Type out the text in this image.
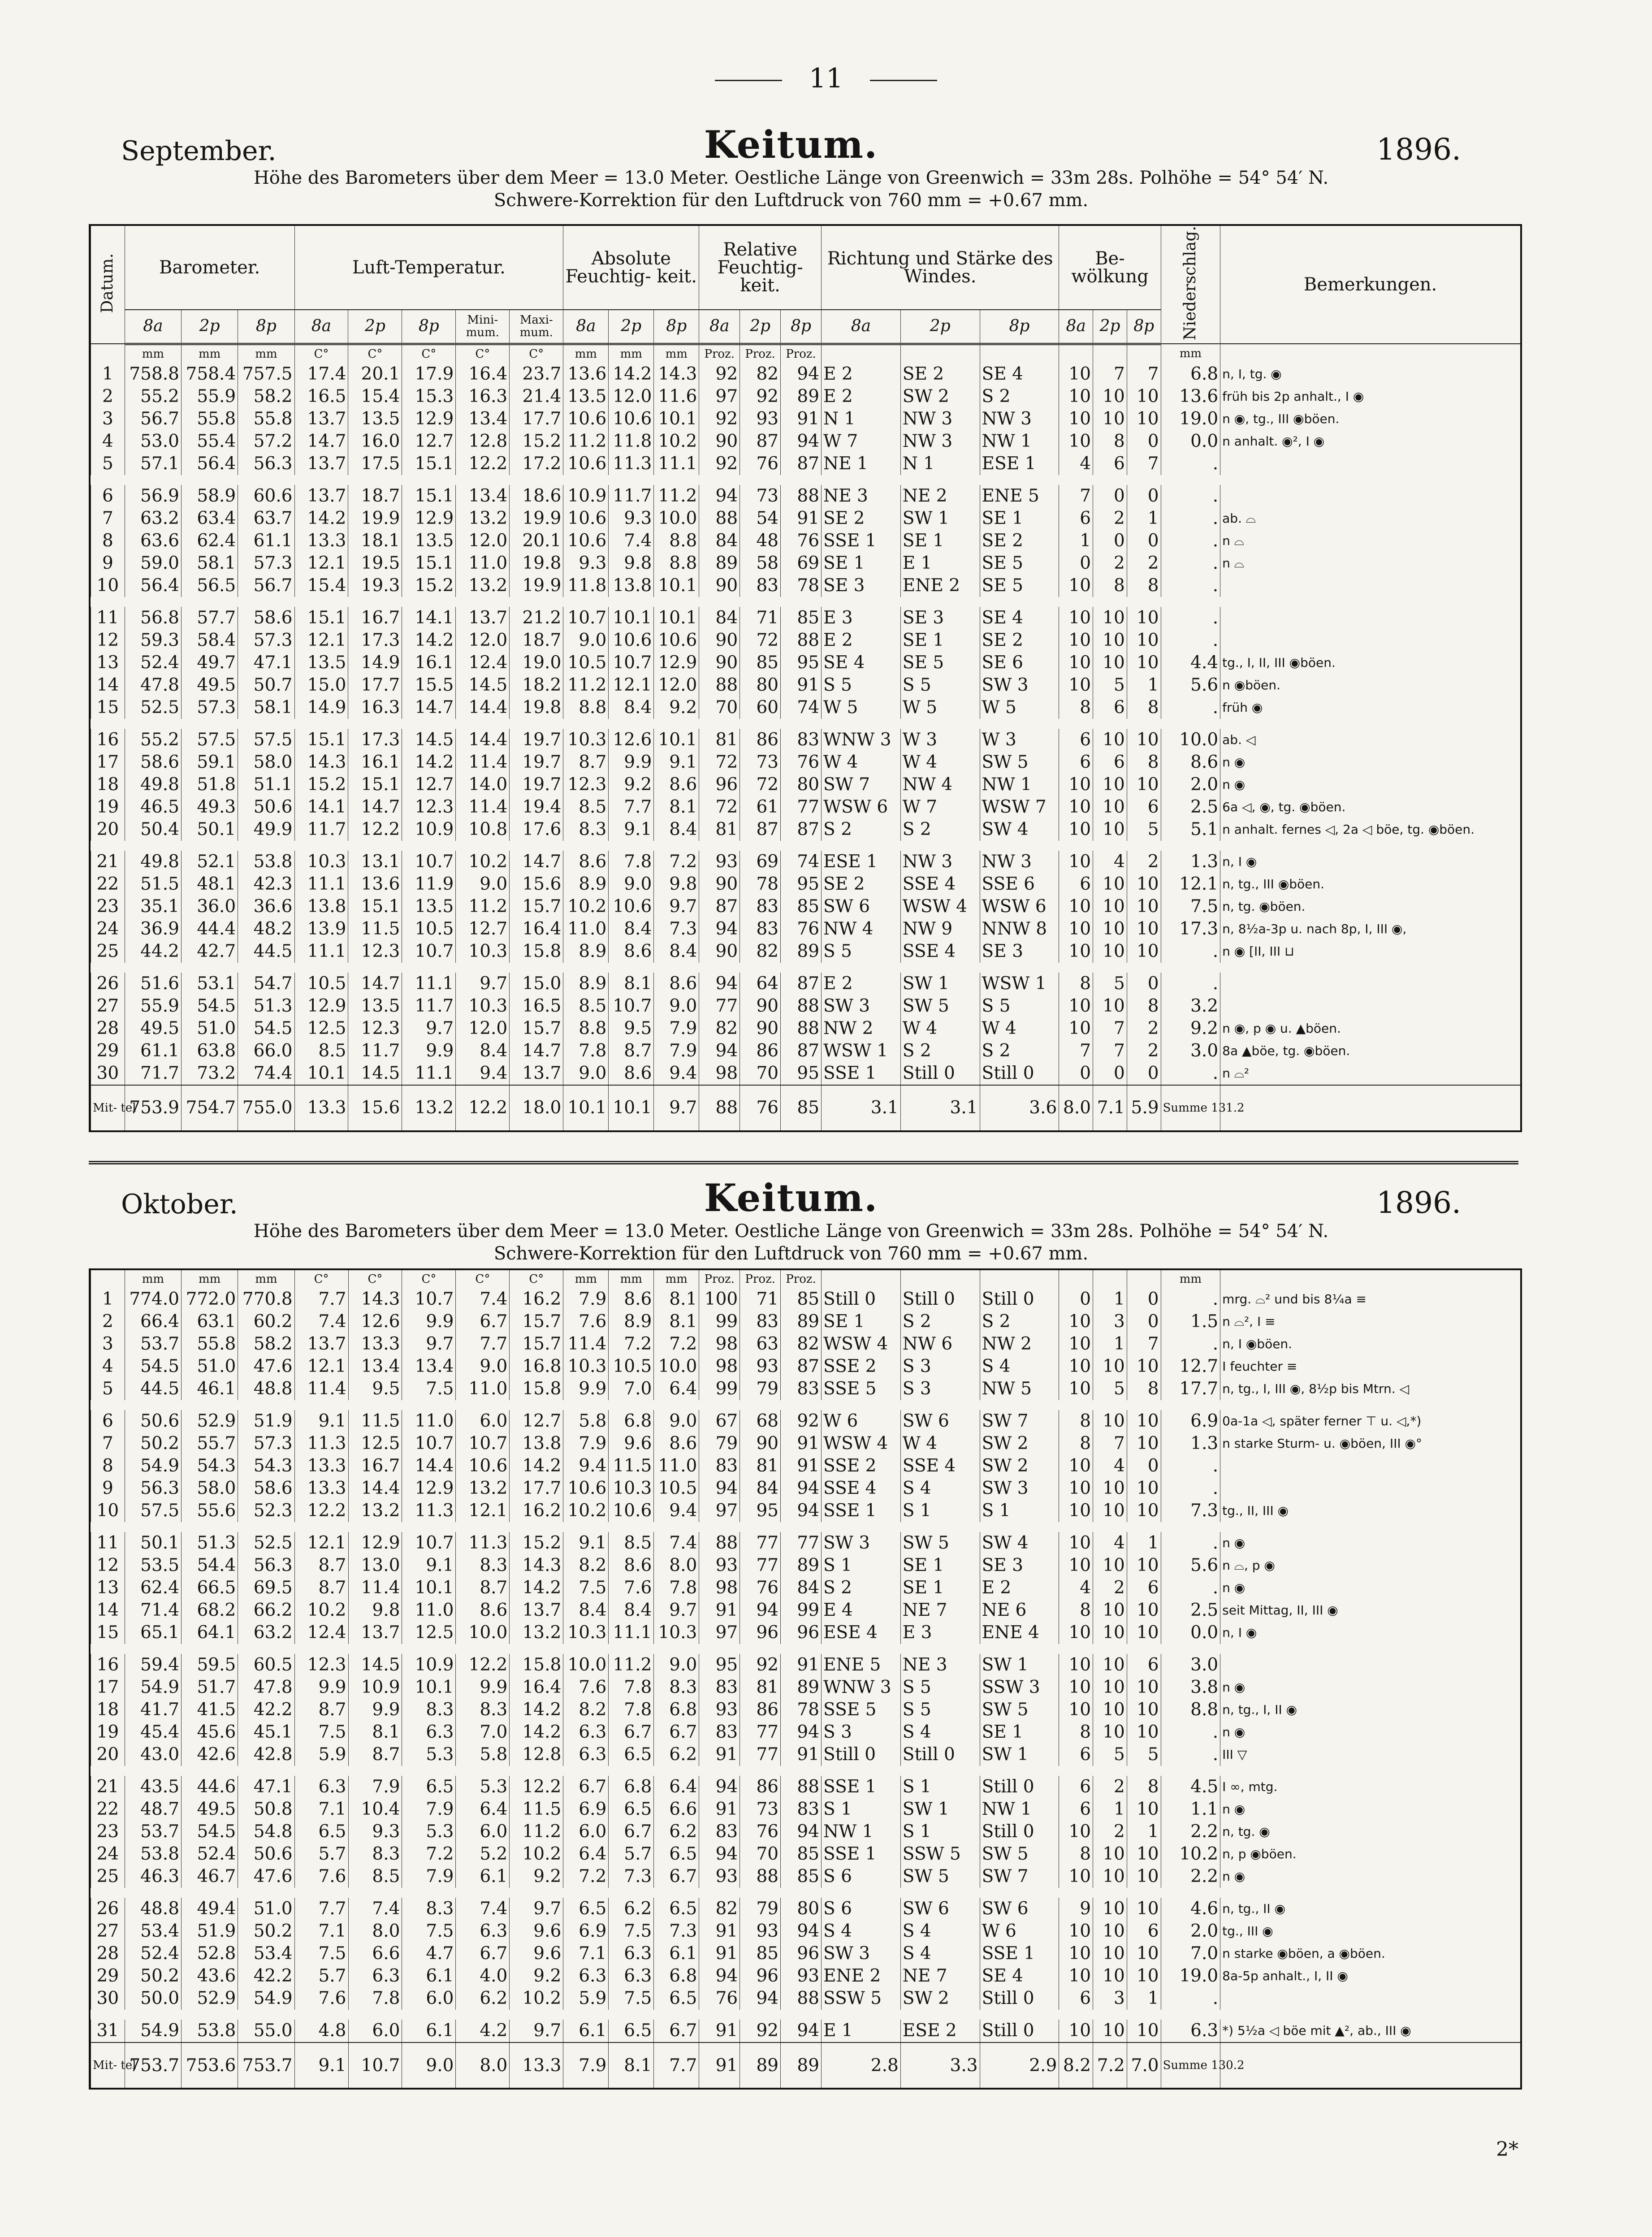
11
September.	Keitum.	1896.
Höhe des Barometers über dem Meer = 13.0 Meter. Oestliche Länge von Greenwich = 33m 28s. Polhöhe = 54° 54′ N.
Schwere-Korrektion für den Luftdruck von 760 mm = +0.67 mm.
Datum.	Barometer.			Luft-Temperatur.					Absolute Feuchtig- keit.			Relative Feuchtig- keit.			Richtung und Stärke des Windes.			Be- wölkung			Niederschlag.	Bemerkungen.
	8a	2p	8p	8a	2p	8p	Mini- mum.	Maxi- mum.	8a	2p	8p	8a	2p	8p	8a	2p	8p	8a	2p	8p		
	mm	mm	mm	C°	C°	C°	C°	C°	mm	mm	mm	Proz.	Proz.	Proz.							mm	
1	758.8	758.4	757.5	17.4	20.1	17.9	16.4	23.7	13.6	14.2	14.3	92	82	94	E 2	SE 2	SE 4	10	7	7	6.8	n, I, tg. ◉
2	55.2	55.9	58.2	16.5	15.4	15.3	16.3	21.4	13.5	12.0	11.6	97	92	89	E 2	SW 2	S 2	10	10	10	13.6	früh bis 2p anhalt., I ◉
3	56.7	55.8	55.8	13.7	13.5	12.9	13.4	17.7	10.6	10.6	10.1	92	93	91	N 1	NW 3	NW 3	10	10	10	19.0	n ◉, tg., III ◉böen.
4	53.0	55.4	57.2	14.7	16.0	12.7	12.8	15.2	11.2	11.8	10.2	90	87	94	W 7	NW 3	NW 1	10	8	0	0.0	n anhalt. ◉², I ◉
5	57.1	56.4	56.3	13.7	17.5	15.1	12.2	17.2	10.6	11.3	11.1	92	76	87	NE 1	N 1	ESE 1	4	6	7	.	
6	56.9	58.9	60.6	13.7	18.7	15.1	13.4	18.6	10.9	11.7	11.2	94	73	88	NE 3	NE 2	ENE 5	7	0	0	.	
7	63.2	63.4	63.7	14.2	19.9	12.9	13.2	19.9	10.6	9.3	10.0	88	54	91	SE 2	SW 1	SE 1	6	2	1	.	ab. ⌓
8	63.6	62.4	61.1	13.3	18.1	13.5	12.0	20.1	10.6	7.4	8.8	84	48	76	SSE 1	SE 1	SE 2	1	0	0	.	n ⌓
9	59.0	58.1	57.3	12.1	19.5	15.1	11.0	19.8	9.3	9.8	8.8	89	58	69	SE 1	E 1	SE 5	0	2	2	.	n ⌓
10	56.4	56.5	56.7	15.4	19.3	15.2	13.2	19.9	11.8	13.8	10.1	90	83	78	SE 3	ENE 2	SE 5	10	8	8	.	
11	56.8	57.7	58.6	15.1	16.7	14.1	13.7	21.2	10.7	10.1	10.1	84	71	85	E 3	SE 3	SE 4	10	10	10	.	
12	59.3	58.4	57.3	12.1	17.3	14.2	12.0	18.7	9.0	10.6	10.6	90	72	88	E 2	SE 1	SE 2	10	10	10	.	
13	52.4	49.7	47.1	13.5	14.9	16.1	12.4	19.0	10.5	10.7	12.9	90	85	95	SE 4	SE 5	SE 6	10	10	10	4.4	tg., I, II, III ◉böen.
14	47.8	49.5	50.7	15.0	17.7	15.5	14.5	18.2	11.2	12.1	12.0	88	80	91	S 5	S 5	SW 3	10	5	1	5.6	n ◉böen.
15	52.5	57.3	58.1	14.9	16.3	14.7	14.4	19.8	8.8	8.4	9.2	70	60	74	W 5	W 5	W 5	8	6	8	.	früh ◉
16	55.2	57.5	57.5	15.1	17.3	14.5	14.4	19.7	10.3	12.6	10.1	81	86	83	WNW 3	W 3	W 3	6	10	10	10.0	ab. ◁
17	58.6	59.1	58.0	14.3	16.1	14.2	11.4	19.7	8.7	9.9	9.1	72	73	76	W 4	W 4	SW 5	6	6	8	8.6	n ◉
18	49.8	51.8	51.1	15.2	15.1	12.7	14.0	19.7	12.3	9.2	8.6	96	72	80	SW 7	NW 4	NW 1	10	10	10	2.0	n ◉
19	46.5	49.3	50.6	14.1	14.7	12.3	11.4	19.4	8.5	7.7	8.1	72	61	77	WSW 6	W 7	WSW 7	10	10	6	2.5	6a ◁, ◉, tg. ◉böen.
20	50.4	50.1	49.9	11.7	12.2	10.9	10.8	17.6	8.3	9.1	8.4	81	87	87	S 2	S 2	SW 4	10	10	5	5.1	n anhalt. fernes ◁, 2a ◁ böe, tg. ◉böen.
21	49.8	52.1	53.8	10.3	13.1	10.7	10.2	14.7	8.6	7.8	7.2	93	69	74	ESE 1	NW 3	NW 3	10	4	2	1.3	n, I ◉
22	51.5	48.1	42.3	11.1	13.6	11.9	9.0	15.6	8.9	9.0	9.8	90	78	95	SE 2	SSE 4	SSE 6	6	10	10	12.1	n, tg., III ◉böen.
23	35.1	36.0	36.6	13.8	15.1	13.5	11.2	15.7	10.2	10.6	9.7	87	83	85	SW 6	WSW 4	WSW 6	10	10	10	7.5	n, tg. ◉böen.
24	36.9	44.4	48.2	13.9	11.5	10.5	12.7	16.4	11.0	8.4	7.3	94	83	76	NW 4	NW 9	NNW 8	10	10	10	17.3	n, 8½a-3p u. nach 8p, I, III ◉,
25	44.2	42.7	44.5	11.1	12.3	10.7	10.3	15.8	8.9	8.6	8.4	90	82	89	S 5	SSE 4	SE 3	10	10	10	.	n ◉ [II, III ⊔
26	51.6	53.1	54.7	10.5	14.7	11.1	9.7	15.0	8.9	8.1	8.6	94	64	87	E 2	SW 1	WSW 1	8	5	0	.	
27	55.9	54.5	51.3	12.9	13.5	11.7	10.3	16.5	8.5	10.7	9.0	77	90	88	SW 3	SW 5	S 5	10	10	8	3.2	
28	49.5	51.0	54.5	12.5	12.3	9.7	12.0	15.7	8.8	9.5	7.9	82	90	88	NW 2	W 4	W 4	10	7	2	9.2	n ◉, p ◉ u. ▲böen.
29	61.1	63.8	66.0	8.5	11.7	9.9	8.4	14.7	7.8	8.7	7.9	94	86	87	WSW 1	S 2	S 2	7	7	2	3.0	8a ▲böe, tg. ◉böen.
30	71.7	73.2	74.4	10.1	14.5	11.1	9.4	13.7	9.0	8.6	9.4	98	70	95	SSE 1	Still 0	Still 0	0	0	0	.	n ⌓²
Mit- tel	753.9	754.7	755.0	13.3	15.6	13.2	12.2	18.0	10.1	10.1	9.7	88	76	85	3.1	3.1	3.6	8.0	7.1	5.9	Summe 131.2	
Oktober.	Keitum.	1896.
Höhe des Barometers über dem Meer = 13.0 Meter. Oestliche Länge von Greenwich = 33m 28s. Polhöhe = 54° 54′ N.
Schwere-Korrektion für den Luftdruck von 760 mm = +0.67 mm.
	mm	mm	mm	C°	C°	C°	C°	C°	mm	mm	mm	Proz.	Proz.	Proz.							mm	
1	774.0	772.0	770.8	7.7	14.3	10.7	7.4	16.2	7.9	8.6	8.1	100	71	85	Still 0	Still 0	Still 0	0	1	0	.	mrg. ⌓² und bis 8¼a ≡
2	66.4	63.1	60.2	7.4	12.6	9.9	6.7	15.7	7.6	8.9	8.1	99	83	89	SE 1	S 2	S 2	10	3	0	1.5	n ⌓², I ≡
3	53.7	55.8	58.2	13.7	13.3	9.7	7.7	15.7	11.4	7.2	7.2	98	63	82	WSW 4	NW 6	NW 2	10	1	7	.	n, I ◉böen.
4	54.5	51.0	47.6	12.1	13.4	13.4	9.0	16.8	10.3	10.5	10.0	98	93	87	SSE 2	S 3	S 4	10	10	10	12.7	I feuchter ≡
5	44.5	46.1	48.8	11.4	9.5	7.5	11.0	15.8	9.9	7.0	6.4	99	79	83	SSE 5	S 3	NW 5	10	5	8	17.7	n, tg., I, III ◉, 8½p bis Mtrn. ◁
6	50.6	52.9	51.9	9.1	11.5	11.0	6.0	12.7	5.8	6.8	9.0	67	68	92	W 6	SW 6	SW 7	8	10	10	6.9	0a-1a ◁, später ferner ⊤ u. ◁,*)
7	50.2	55.7	57.3	11.3	12.5	10.7	10.7	13.8	7.9	9.6	8.6	79	90	91	WSW 4	W 4	SW 2	8	7	10	1.3	n starke Sturm- u. ◉böen, III ◉°
8	54.9	54.3	54.3	13.3	16.7	14.4	10.6	14.2	9.4	11.5	11.0	83	81	91	SSE 2	SSE 4	SW 2	10	4	0	.	
9	56.3	58.0	58.6	13.3	14.4	12.9	13.2	17.7	10.6	10.3	10.5	94	84	94	SSE 4	S 4	SW 3	10	10	10	.	
10	57.5	55.6	52.3	12.2	13.2	11.3	12.1	16.2	10.2	10.6	9.4	97	95	94	SSE 1	S 1	S 1	10	10	10	7.3	tg., II, III ◉
11	50.1	51.3	52.5	12.1	12.9	10.7	11.3	15.2	9.1	8.5	7.4	88	77	77	SW 3	SW 5	SW 4	10	4	1	.	n ◉
12	53.5	54.4	56.3	8.7	13.0	9.1	8.3	14.3	8.2	8.6	8.0	93	77	89	S 1	SE 1	SE 3	10	10	10	5.6	n ⌓, p ◉
13	62.4	66.5	69.5	8.7	11.4	10.1	8.7	14.2	7.5	7.6	7.8	98	76	84	S 2	SE 1	E 2	4	2	6	.	n ◉
14	71.4	68.2	66.2	10.2	9.8	11.0	8.6	13.7	8.4	8.4	9.7	91	94	99	E 4	NE 7	NE 6	8	10	10	2.5	seit Mittag, II, III ◉
15	65.1	64.1	63.2	12.4	13.7	12.5	10.0	13.2	10.3	11.1	10.3	97	96	96	ESE 4	E 3	ENE 4	10	10	10	0.0	n, I ◉
16	59.4	59.5	60.5	12.3	14.5	10.9	12.2	15.8	10.0	11.2	9.0	95	92	91	ENE 5	NE 3	SW 1	10	10	6	3.0	
17	54.9	51.7	47.8	9.9	10.9	10.1	9.9	16.4	7.6	7.8	8.3	83	81	89	WNW 3	S 5	SSW 3	10	10	10	3.8	n ◉
18	41.7	41.5	42.2	8.7	9.9	8.3	8.3	14.2	8.2	7.8	6.8	93	86	78	SSE 5	S 5	SW 5	10	10	10	8.8	n, tg., I, II ◉
19	45.4	45.6	45.1	7.5	8.1	6.3	7.0	14.2	6.3	6.7	6.7	83	77	94	S 3	S 4	SE 1	8	10	10	.	n ◉
20	43.0	42.6	42.8	5.9	8.7	5.3	5.8	12.8	6.3	6.5	6.2	91	77	91	Still 0	Still 0	SW 1	6	5	5	.	III ▽
21	43.5	44.6	47.1	6.3	7.9	6.5	5.3	12.2	6.7	6.8	6.4	94	86	88	SSE 1	S 1	Still 0	6	2	8	4.5	I ∞, mtg.
22	48.7	49.5	50.8	7.1	10.4	7.9	6.4	11.5	6.9	6.5	6.6	91	73	83	S 1	SW 1	NW 1	6	1	10	1.1	n ◉
23	53.7	54.5	54.8	6.5	9.3	5.3	6.0	11.2	6.0	6.7	6.2	83	76	94	NW 1	S 1	Still 0	10	2	1	2.2	n, tg. ◉
24	53.8	52.4	50.6	5.7	8.3	7.2	5.2	10.2	6.4	5.7	6.5	94	70	85	SSE 1	SSW 5	SW 5	8	10	10	10.2	n, p ◉böen.
25	46.3	46.7	47.6	7.6	8.5	7.9	6.1	9.2	7.2	7.3	6.7	93	88	85	S 6	SW 5	SW 7	10	10	10	2.2	n ◉
26	48.8	49.4	51.0	7.7	7.4	8.3	7.4	9.7	6.5	6.2	6.5	82	79	80	S 6	SW 6	SW 6	9	10	10	4.6	n, tg., II ◉
27	53.4	51.9	50.2	7.1	8.0	7.5	6.3	9.6	6.9	7.5	7.3	91	93	94	S 4	S 4	W 6	10	10	6	2.0	tg., III ◉
28	52.4	52.8	53.4	7.5	6.6	4.7	6.7	9.6	7.1	6.3	6.1	91	85	96	SW 3	S 4	SSE 1	10	10	10	7.0	n starke ◉böen, a ◉böen.
29	50.2	43.6	42.2	5.7	6.3	6.1	4.0	9.2	6.3	6.3	6.8	94	96	93	ENE 2	NE 7	SE 4	10	10	10	19.0	8a-5p anhalt., I, II ◉
30	50.0	52.9	54.9	7.6	7.8	6.0	6.2	10.2	5.9	7.5	6.5	76	94	88	SSW 5	SW 2	Still 0	6	3	1	.	
31	54.9	53.8	55.0	4.8	6.0	6.1	4.2	9.7	6.1	6.5	6.7	91	92	94	E 1	ESE 2	Still 0	10	10	10	6.3	*) 5½a ◁ böe mit ▲², ab., III ◉
Mit- tel	753.7	753.6	753.7	9.1	10.7	9.0	8.0	13.3	7.9	8.1	7.7	91	89	89	2.8	3.3	2.9	8.2	7.2	7.0	Summe 130.2	
2*
